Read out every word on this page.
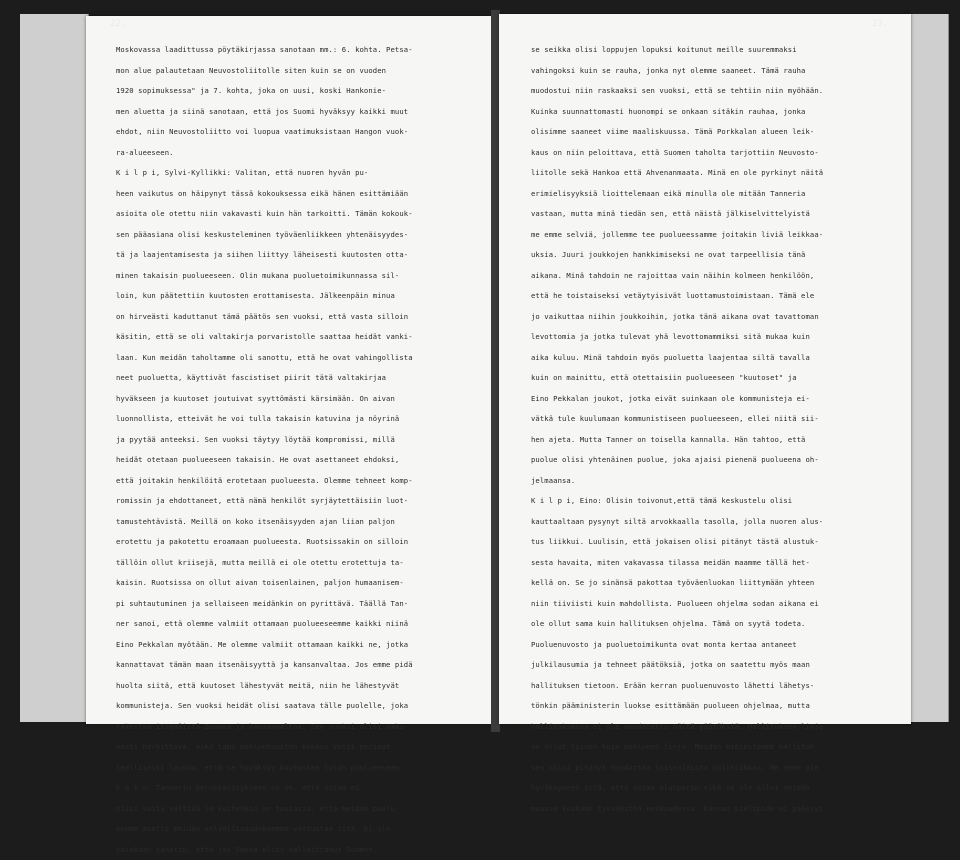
Moskovassa laadittussa pöytäkirjassa sanotaan mm.: 6. kohta. Petsa-
mon alue palautetaan Neuvostoliitolle siten kuin se on vuoden
1920 sopimuksessa" ja 7. kohta, joka on uusi, koski Hankonie-
men aluetta ja siinä sanotaan, että jos Suomi hyväksyy kaikki muut
ehdot, niin Neuvostoliitto voi luopua vaatimuksistaan Hangon vuok-
ra-alueeseen.
K i l p i, Sylvi-Kyllikki: Valitan, että nuoren hyvän pu-
heen vaikutus on häipynyt tässä kokouksessa eikä hänen esittämiään
asioita ole otettu niin vakavasti kuin hän tarkoitti. Tämän kokouk-
sen pääasiana olisi keskusteleminen työväenliikkeen yhtenäisyydes-
tä ja laajentamisesta ja siihen liittyy läheisesti kuutosten otta-
minen takaisin puolueeseen. Olin mukana puoluetoimikunnassa sil-
loin, kun päätettiin kuutosten erottamisesta. Jälkeenpäin minua
on hirveästi kaduttanut tämä päätös sen vuoksi, että vasta silloin
käsitin, että se oli valtakirja porvaristolle saattaa heidät vanki-
laan. Kun meidän taholtamme oli sanottu, että he ovat vahingollista
neet puoluetta, käyttivät fascistiset piirit tätä valtakirjaa
hyväkseen ja kuutoset joutuivat syyttömästi kärsimään. On aivan
luonnollista, etteivät he voi tulla takaisin katuvina ja nöyrinä
ja pyytää anteeksi. Sen vuoksi täytyy löytää kompromissi, millä
heidät otetaan puolueeseen takaisin. He ovat asettaneet ehdoksi,
että joitakin henkilöitä erotetaan puolueesta. Olemme tehneet komp-
romissin ja ehdottaneet, että nämä henkilöt syrjäytettäisiin luot-
tamustehtävistä. Meillä on koko itsenäisyyden ajan liian paljon
erotettu ja pakotettu eroamaan puolueesta. Ruotsissakin on silloin
tällöin ollut kriisejä, mutta meillä ei ole otettu erotettuja ta-
kaisin. Ruotsissa on ollut aivan toisenlainen, paljon humaanisem-
pi suhtautuminen ja sellaiseen meidänkin on pyrittävä. Täällä Tan-
ner sanoi, että olemme valmiit ottamaan puolueeseemme kaikki niinä
Eino Pekkalan myötään. Me olemme valmiit ottamaan kaikki ne, jotka
kannattavat tämän maan itsenäisyyttä ja kansanvaltaa. Jos emme pidä
huolta siitä, että kuutoset lähestyvät meitä, niin he lähestyvät
kommunisteja. Sen vuoksi heidät olisi saatava tälle puolelle, joka
rakentaa itsenäistä Suomea ja kansanvaltaa. Sen vuoksi olisi vaka-
vasti harkittava, eikö tämä puoluehuoston kokous voisi periaat-
teellisesti lausua, että se hyväksyy kuutosten tulon puolueeseen.
K e t o: Tannerin peruskäsitykseen on se, että sotaa ei
olisi voitu välttää ja kuitenkin on tosiasia, että meidän puolu-
eemme asetti meidän velvollisuudeksemme vastustaa sitä. Ei ole
suinkaan sanottu, että jos Saksa olisi valloittanut Suomen,
se seikka olisi loppujen lopuksi koitunut meille suuremmaksi
vahingoksi kuin se rauha, jonka nyt olemme saaneet. Tämä rauha
muodostui niin raskaaksi sen vuoksi, että se tehtiin niin myöhään.
Kuinka suunnattomasti huonompi se onkaan sitäkin rauhaa, jonka
olisimme saaneet viime maaliskuussa. Tämä Porkkalan alueen leik-
kaus on niin peloittava, että Suomen taholta tarjottiin Neuvosto-
liitolle sekä Hankoa että Ahvenanmaata. Minä en ole pyrkinyt näitä
erimielisyyksiä lioittelemaan eikä minulla ole mitään Tanneria
vastaan, mutta minä tiedän sen, että näistä jälkiselvittelyistä
me emme selviä, jollemme tee puolueessamme joitakin liviä leikkaa-
uksia. Juuri joukkojen hankkimiseksi ne ovat tarpeellisia tänä
aikana. Minä tahdoin ne rajoittaa vain näihin kolmeen henkilöön,
että he toistaiseksi vetäytyisivät luottamustoimistaan. Tämä ele
jo vaikuttaa niihin joukkoihin, jotka tänä aikana ovat tavattoman
levottomia ja jotka tulevat yhä levottomammiksi sitä mukaa kuin
aika kuluu. Minä tahdoin myös puoluetta laajentaa siltä tavalla
kuin on mainittu, että otettaisiin puolueeseen "kuutoset" ja
Eino Pekkalan joukot, jotka eivät suinkaan ole kommunisteja ei-
vätkä tule kuulumaan kommunistiseen puolueeseen, ellei niitä sii-
hen ajeta. Mutta Tanner on toisella kannalla. Hän tahtoo, että
puolue olisi yhtenäinen puolue, joka ajaisi pienenä puolueena oh-
jelmaansa.
K i l p i, Eino: Olisin toivonut,että tämä keskustelu olisi
kauttaaltaan pysynyt siltä arvokkaalla tasolla, jolla nuoren alus-
tus liikkui. Luulisin, että jokaisen olisi pitänyt tästä alustuk-
sesta havaita, miten vakavassa tilassa meidän maamme tällä het-
kellä on. Se jo sinänsä pakottaa työväenluokan liittymään yhteen
niin tiiviisti kuin mahdollista. Puolueen ohjelma sodan aikana ei
ole ollut sama kuin hallituksen ohjelma. Tämä on syytä todeta.
Puoluenuvosto ja puoluetoimikunta ovat monta kertaa antaneet
julkilausumia ja tehneet päätöksiä, jotka on saatettu myös maan
hallituksen tietoon. Erään kerran puoluenuvosto lähetti lähetys-
tönkin pääministerin luokse esittämään puolueen ohjelmaa, mutta
hallituksessa ei ole noudatettu näitä päätöksiä. Hallituksen linja
on ollut toinen kuin puolueen linja. Meidän mielestämme hallituk-
sen olisi pitänyt noudattaa toisenlaista politiikkaa. Me emme ole
hyväksyneet sitä, että sotaa alunperin eikä se ole ollut meidän
maassa koskaan työväestön keskuudessa. Kansan mielipide ei päässyt
22.	23.
